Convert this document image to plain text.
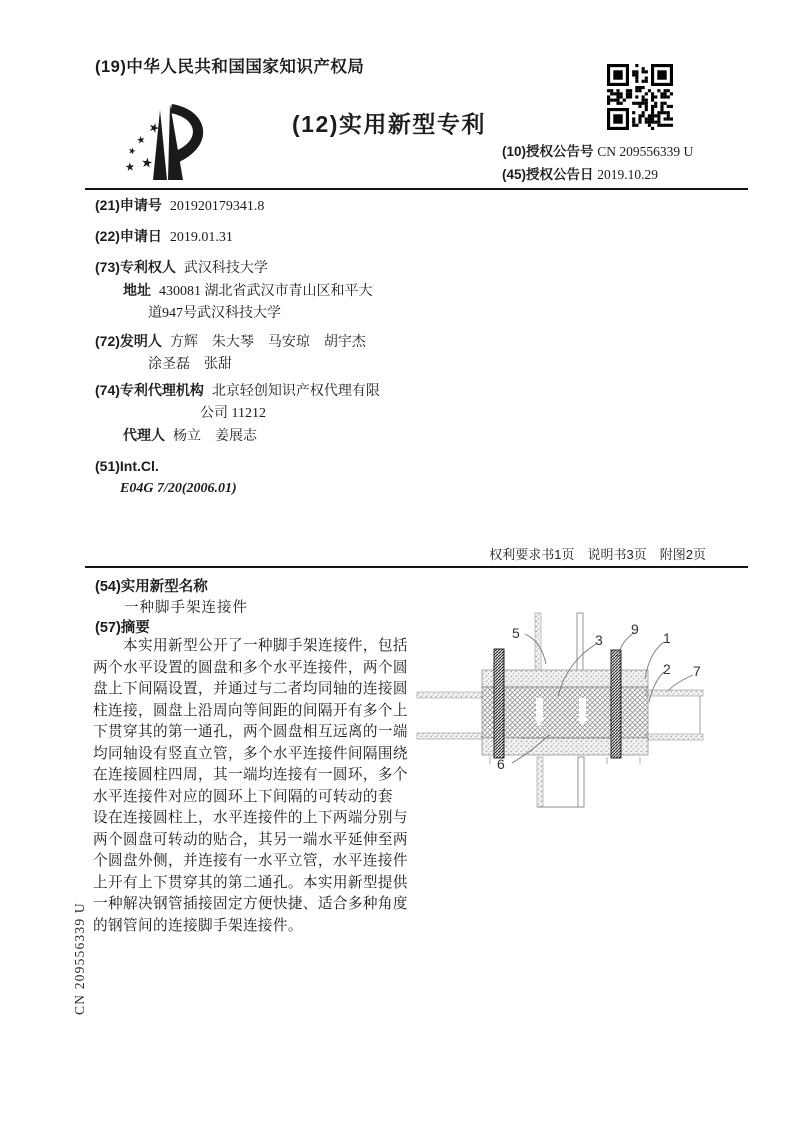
(19)中华人民共和国国家知识产权局
(12)实用新型专利
(10)授权公告号 CN 209556339 U
(45)授权公告日 2019.10.29
(21)申请号 201920179341.8
(22)申请日 2019.01.31
(73)专利权人 武汉科技大学
地址 430081 湖北省武汉市青山区和平大
道947号武汉科技大学
(72)发明人 方辉　朱大琴　马安琼　胡宇杰
涂圣磊　张甜
(74)专利代理机构 北京轻创知识产权代理有限
公司 11212
代理人 杨立　姜展志
(51)Int.Cl.
E04G 7/20(2006.01)
权利要求书1页　说明书3页　附图2页
(54)实用新型名称
一种脚手架连接件
(57)摘要
　　本实用新型公开了一种脚手架连接件，包括
两个水平设置的圆盘和多个水平连接件，两个圆
盘上下间隔设置，并通过与二者均同轴的连接圆
柱连接，圆盘上沿周向等间距的间隔开有多个上
下贯穿其的第一通孔，两个圆盘相互远离的一端
均同轴设有竖直立管，多个水平连接件间隔围绕
在连接圆柱四周，其一端均连接有一圆环，多个
水平连接件对应的圆环上下间隔的可转动的套
设在连接圆柱上，水平连接件的上下两端分别与
两个圆盘可转动的贴合，其另一端水平延伸至两
个圆盘外侧，并连接有一水平立管，水平连接件
上开有上下贯穿其的第二通孔。本实用新型提供
一种解决钢管插接固定方便快捷、适合多种角度
的钢管间的连接脚手架连接件。
5	3
9
1
2 7
6
CN 209556339 U
